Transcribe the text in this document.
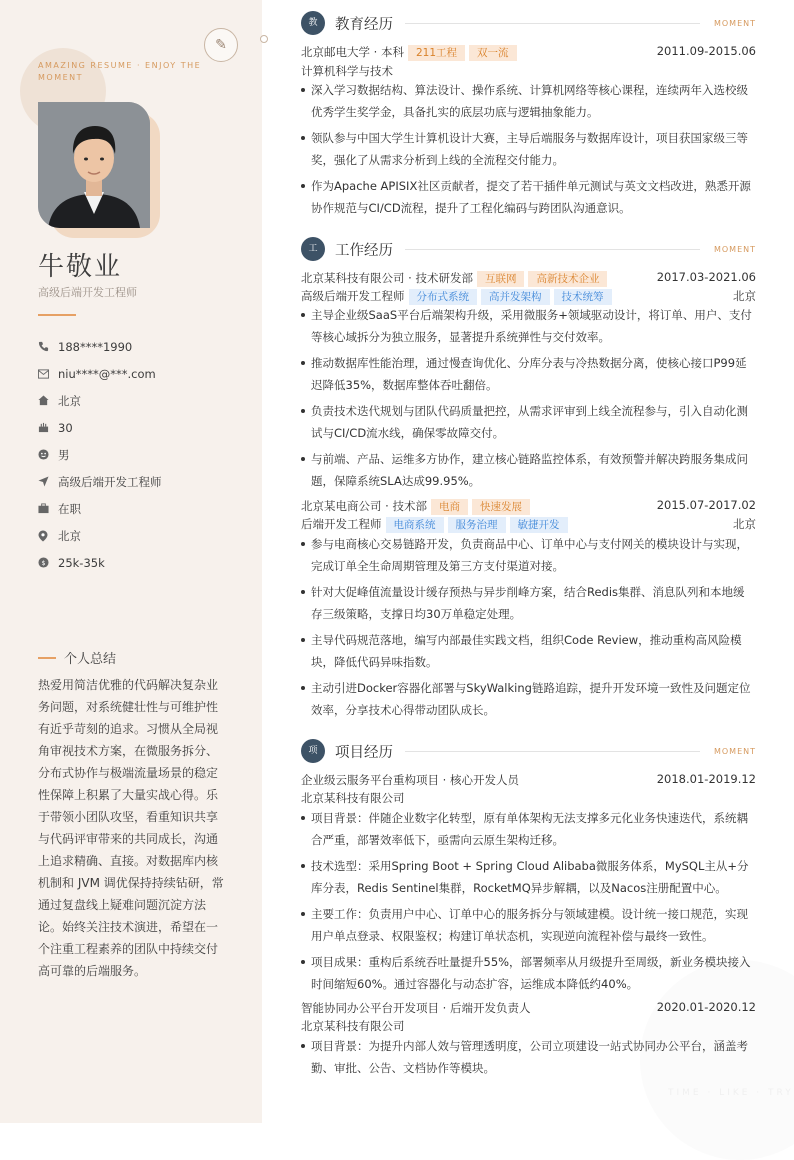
AMAZING RESUME · ENJOY THE MOMENT
牛敬业
高级后端开发工程师
188****1990
niu****@***.com
北京
30
男
高级后端开发工程师
在职
北京
$ 25k-35k
个人总结
热爱用简洁优雅的代码解决复杂业务问题，对系统健壮性与可维护性有近乎苛刻的追求。习惯从全局视角审视技术方案，在微服务拆分、分布式协作与极端流量场景的稳定性保障上积累了大量实战心得。乐于带领小团队攻坚，看重知识共享与代码评审带来的共同成长，沟通上追求精确、直接。对数据库内核机制和 JVM 调优保持持续钻研，常通过复盘线上疑难问题沉淀方法论。始终关注技术演进，希望在一个注重工程素养的团队中持续交付高可靠的后端服务。
✎
TIME · LIKE · TRY
教	教育经历	MOMENT
北京邮电大学 · 本科 211工程 双一流	2011.09-2015.06
计算机科学与技术
深入学习数据结构、算法设计、操作系统、计算机网络等核心课程，连续两年入选校级优秀学生奖学金，具备扎实的底层功底与逻辑抽象能力。
领队参与中国大学生计算机设计大赛，主导后端服务与数据库设计，项目获国家级三等奖，强化了从需求分析到上线的全流程交付能力。
作为Apache APISIX社区贡献者，提交了若干插件单元测试与英文文档改进，熟悉开源协作规范与CI/CD流程，提升了工程化编码与跨团队沟通意识。
工	工作经历	MOMENT
北京某科技有限公司 · 技术研发部 互联网 高新技术企业	2017.03-2021.06
高级后端开发工程师 分布式系统 高并发架构 技术统筹	北京
主导企业级SaaS平台后端架构升级，采用微服务+领域驱动设计，将订单、用户、支付等核心域拆分为独立服务，显著提升系统弹性与交付效率。
推动数据库性能治理，通过慢查询优化、分库分表与冷热数据分离，使核心接口P99延迟降低35%，数据库整体吞吐翻倍。
负责技术迭代规划与团队代码质量把控，从需求评审到上线全流程参与，引入自动化测试与CI/CD流水线，确保零故障交付。
与前端、产品、运维多方协作，建立核心链路监控体系，有效预警并解决跨服务集成问题，保障系统SLA达成99.95%。
北京某电商公司 · 技术部 电商 快速发展	2015.07-2017.02
后端开发工程师 电商系统 服务治理 敏捷开发	北京
参与电商核心交易链路开发，负责商品中心、订单中心与支付网关的模块设计与实现，完成订单全生命周期管理及第三方支付渠道对接。
针对大促峰值流量设计缓存预热与异步削峰方案，结合Redis集群、消息队列和本地缓存三级策略，支撑日均30万单稳定处理。
主导代码规范落地，编写内部最佳实践文档，组织Code Review，推动重构高风险模块，降低代码异味指数。
主动引进Docker容器化部署与SkyWalking链路追踪，提升开发环境一致性及问题定位效率，分享技术心得带动团队成长。
项	项目经历	MOMENT
企业级云服务平台重构项目 · 核心开发人员	2018.01-2019.12
北京某科技有限公司
项目背景：伴随企业数字化转型，原有单体架构无法支撑多元化业务快速迭代，系统耦合严重，部署效率低下，亟需向云原生架构迁移。
技术选型：采用Spring Boot + Spring Cloud Alibaba微服务体系，MySQL主从+分库分表，Redis Sentinel集群，RocketMQ异步解耦，以及Nacos注册配置中心。
主要工作：负责用户中心、订单中心的服务拆分与领域建模。设计统一接口规范，实现用户单点登录、权限鉴权；构建订单状态机，实现逆向流程补偿与最终一致性。
项目成果：重构后系统吞吐量提升55%，部署频率从月级提升至周级，新业务模块接入时间缩短60%。通过容器化与动态扩容，运维成本降低约40%。
智能协同办公平台开发项目 · 后端开发负责人	2020.01-2020.12
北京某科技有限公司
项目背景：为提升内部人效与管理透明度，公司立项建设一站式协同办公平台，涵盖考勤、审批、公告、文档协作等模块。
